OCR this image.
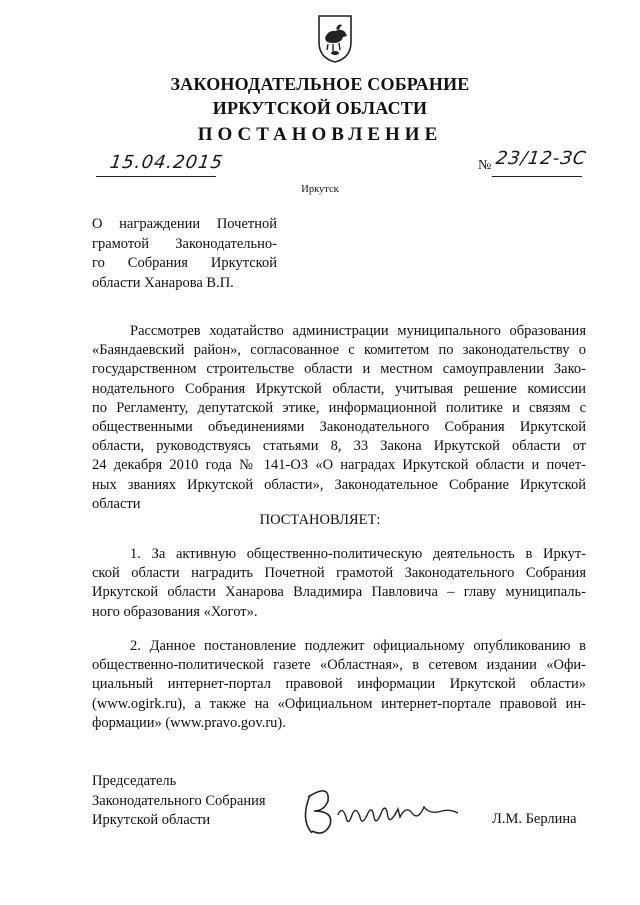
ЗАКОНОДАТЕЛЬНОЕ СОБРАНИЕ
ИРКУТСКОЙ ОБЛАСТИ
ПОСТАНОВЛЕНИЕ
15.04.2015	№ 23/12-ЗС
Иркутск
О награждении Почетной
грамотой Законодательно-
го Собрания Иркутской
области Ханарова В.П.
Рассмотрев ходатайство администрации муниципального образования
«Баяндаевский район», согласованное с комитетом по законодательству о
государственном строительстве области и местном самоуправлении Зако-
нодательного Собрания Иркутской области, учитывая решение комиссии
по Регламенту, депутатской этике, информационной политике и связям с
общественными объединениями Законодательного Собрания Иркутской
области, руководствуясь статьями 8, 33 Закона Иркутской области от
24 декабря 2010 года № 141-ОЗ «О наградах Иркутской области и почет-
ных званиях Иркутской области», Законодательное Собрание Иркутской
области
ПОСТАНОВЛЯЕТ:
1. За активную общественно-политическую деятельность в Иркут-
ской области наградить Почетной грамотой Законодательного Собрания
Иркутской области Ханарова Владимира Павловича – главу муниципаль-
ного образования «Хогот».
2. Данное постановление подлежит официальному опубликованию в
общественно-политической газете «Областная», в сетевом издании «Офи-
циальный интернет-портал правовой информации Иркутской области»
(www.ogirk.ru), а также на «Официальном интернет-портале правовой ин-
формации» (www.pravo.gov.ru).
Председатель
Законодательного Собрания
Иркутской области	Л.М. Берлина
